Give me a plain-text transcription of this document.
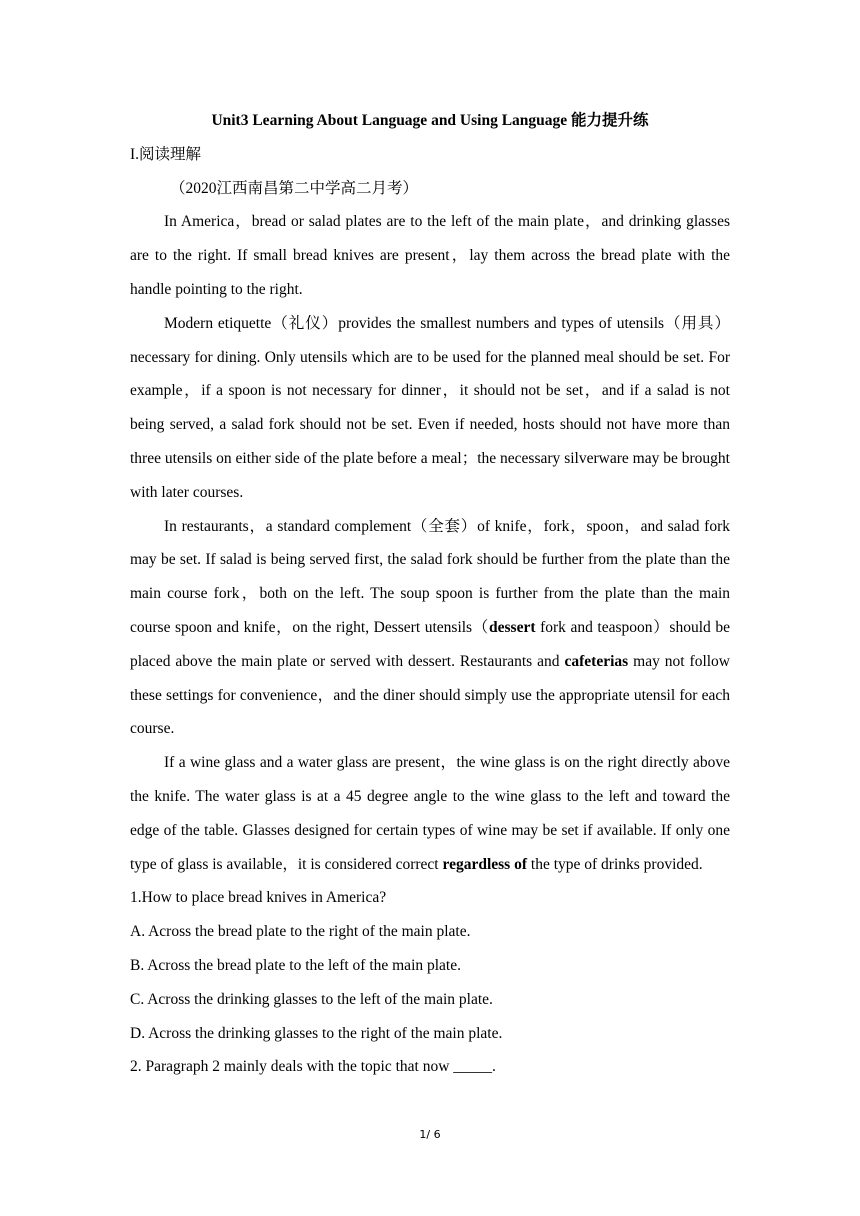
Unit3 Learning About Language and Using Language 能力提升练

I.阅读理解

（2020江西南昌第二中学高二月考）

In America，bread or salad plates are to the left of the main plate，and drinking glasses are to the right. If small bread knives are present，lay them across the bread plate with the handle pointing to the right.

Modern etiquette（礼仪）provides the smallest numbers and types of utensils（用具）necessary for dining. Only utensils which are to be used for the planned meal should be set. For example，if a spoon is not necessary for dinner，it should not be set，and if a salad is not being served, a salad fork should not be set. Even if needed, hosts should not have more than three utensils on either side of the plate before a meal；the necessary silverware may be brought with later courses.

In restaurants，a standard complement（全套）of knife，fork，spoon，and salad fork may be set. If salad is being served first, the salad fork should be further from the plate than the main course fork，both on the left. The soup spoon is further from the plate than the main course spoon and knife，on the right, Dessert utensils（dessert fork and teaspoon）should be placed above the main plate or served with dessert. Restaurants and cafeterias may not follow these settings for convenience，and the diner should simply use the appropriate utensil for each course.

If a wine glass and a water glass are present，the wine glass is on the right directly above the knife. The water glass is at a 45 degree angle to the wine glass to the left and toward the edge of the table. Glasses designed for certain types of wine may be set if available. If only one type of glass is available，it is considered correct regardless of the type of drinks provided.

1.How to place bread knives in America?

A. Across the bread plate to the right of the main plate.

B. Across the bread plate to the left of the main plate.

C. Across the drinking glasses to the left of the main plate.

D. Across the drinking glasses to the right of the main plate.

2. Paragraph 2 mainly deals with the topic that now _____.

1/ 6
